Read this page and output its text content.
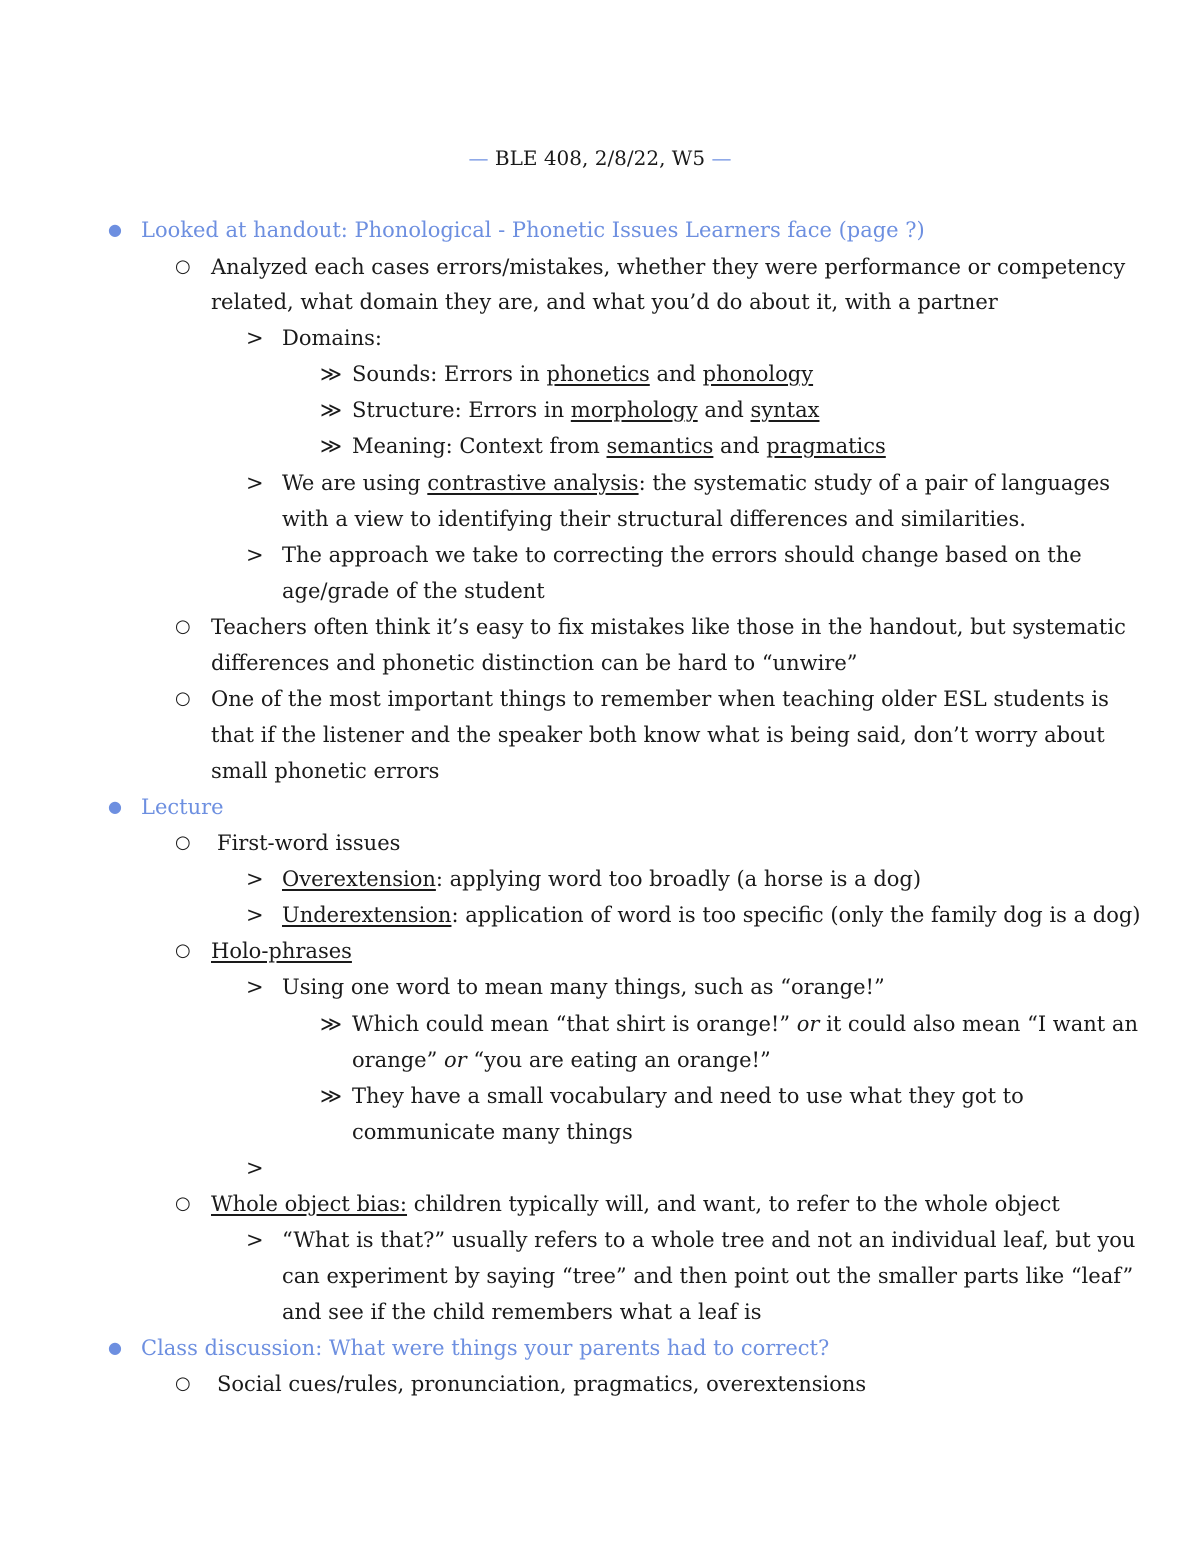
— BLE 408, 2/8/22, W5 —
● Looked at handout: Phonological - Phonetic Issues Learners face (page ?)
○ Analyzed each cases errors/mistakes, whether they were performance or competency
related, what domain they are, and what you’d do about it, with a partner
> Domains:
≫ Sounds: Errors in phonetics and phonology
≫ Structure: Errors in morphology and syntax
≫ Meaning: Context from semantics and pragmatics
> We are using contrastive analysis: the systematic study of a pair of languages
with a view to identifying their structural differences and similarities.
> The approach we take to correcting the errors should change based on the
age/grade of the student
○ Teachers often think it’s easy to fix mistakes like those in the handout, but systematic
differences and phonetic distinction can be hard to “unwire”
○ One of the most important things to remember when teaching older ESL students is
that if the listener and the speaker both know what is being said, don’t worry about
small phonetic errors
● Lecture
○ First-word issues
> Overextension: applying word too broadly (a horse is a dog)
> Underextension: application of word is too specific (only the family dog is a dog)
○ Holo-phrases
> Using one word to mean many things, such as “orange!”
≫ Which could mean “that shirt is orange!” or it could also mean “I want an
orange” or “you are eating an orange!”
≫ They have a small vocabulary and need to use what they got to
communicate many things
>
○ Whole object bias: children typically will, and want, to refer to the whole object
> “What is that?” usually refers to a whole tree and not an individual leaf, but you
can experiment by saying “tree” and then point out the smaller parts like “leaf”
and see if the child remembers what a leaf is
● Class discussion: What were things your parents had to correct?
○ Social cues/rules, pronunciation, pragmatics, overextensions
